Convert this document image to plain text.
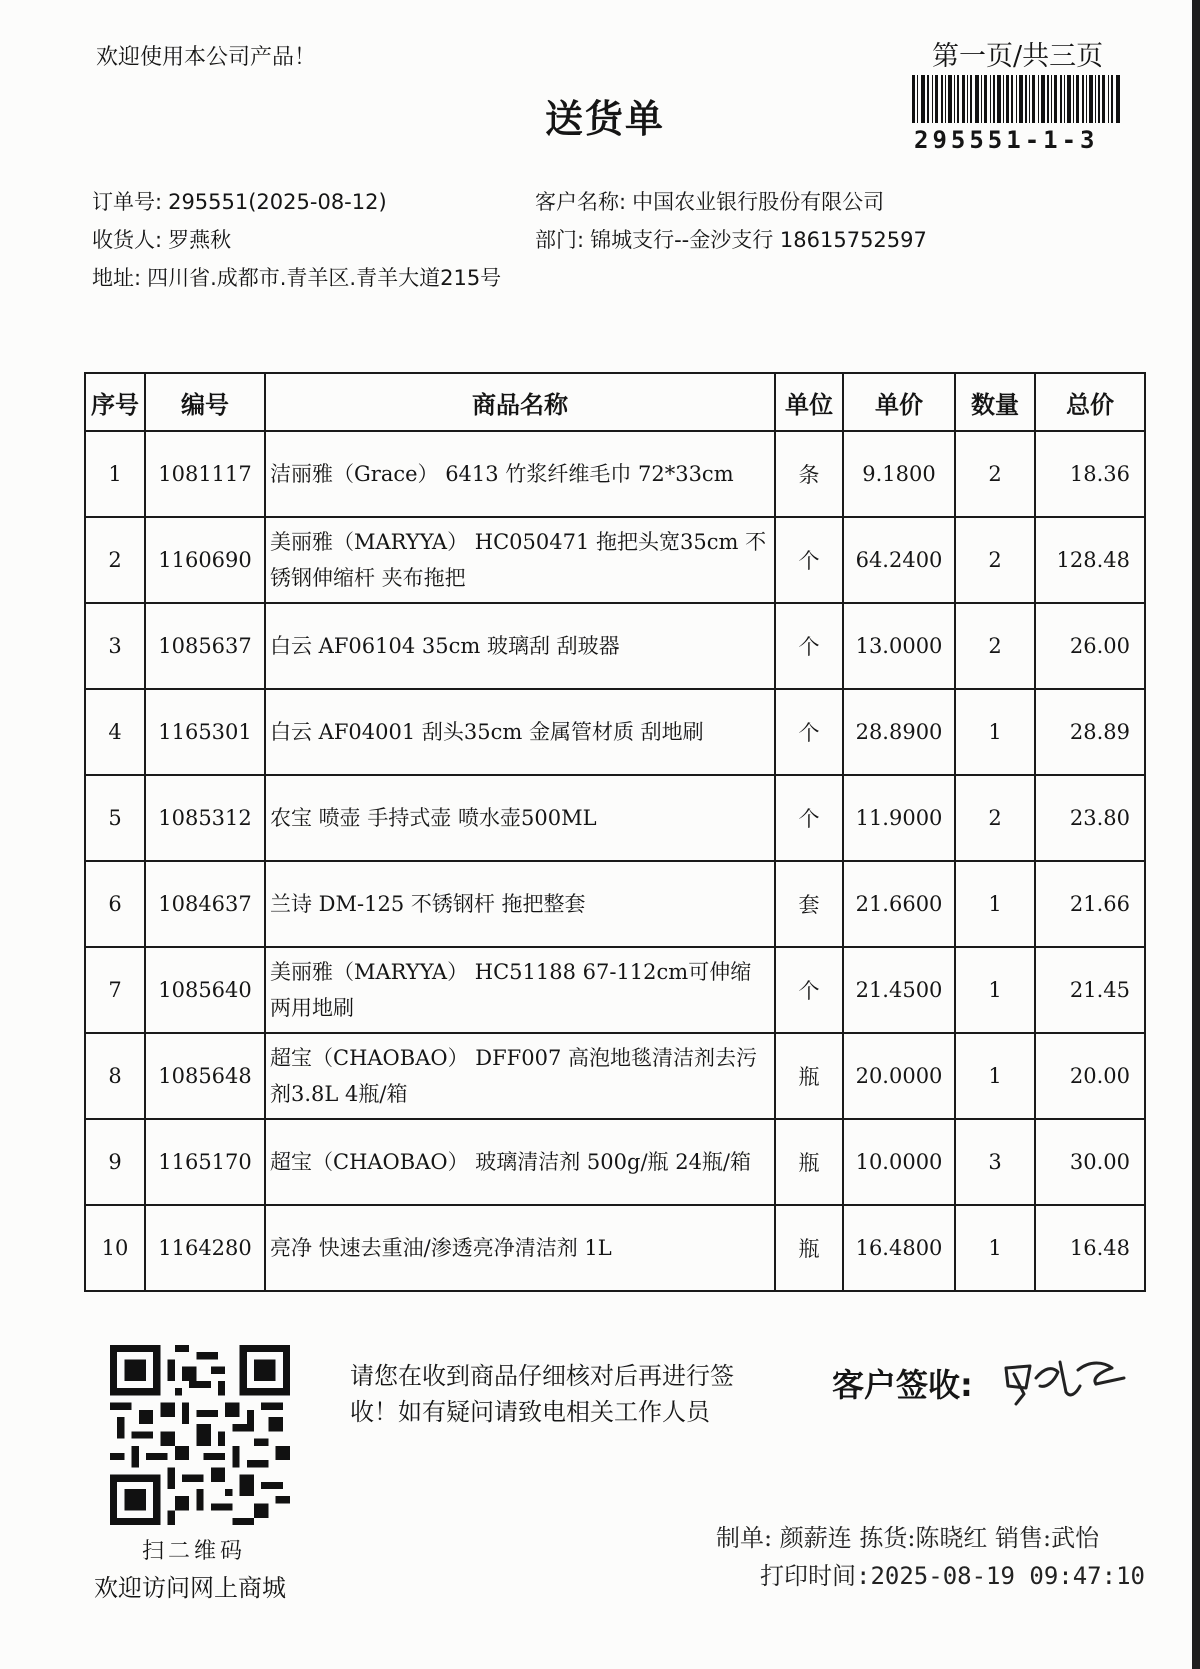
欢迎使用本公司产品！
送货单
第一页/共三页
295551-1-3
订单号: 295551(2025-08-12)	客户名称: 中国农业银行股份有限公司
收货人: 罗燕秋	部门: 锦城支行--金沙支行 18615752597
地址: 四川省.成都市.青羊区.青羊大道215号
序号	编号	商品名称	单位	单价	数量	总价
1	1081117	洁丽雅（Grace） 6413 竹浆纤维毛巾 72*33cm	条	9.1800	2	18.36
2	1160690	美丽雅（MARYYA） HC050471 拖把头宽35cm 不锈钢伸缩杆 夹布拖把	个	64.2400	2	128.48
3	1085637	白云 AF06104 35cm 玻璃刮 刮玻器	个	13.0000	2	26.00
4	1165301	白云 AF04001 刮头35cm 金属管材质 刮地刷	个	28.8900	1	28.89
5	1085312	农宝 喷壶 手持式壶 喷水壶500ML	个	11.9000	2	23.80
6	1084637	兰诗 DM-125 不锈钢杆 拖把整套	套	21.6600	1	21.66
7	1085640	美丽雅（MARYYA） HC51188 67-112cm可伸缩两用地刷	个	21.4500	1	21.45
8	1085648	超宝（CHAOBAO） DFF007 高泡地毯清洁剂去污剂3.8L 4瓶/箱	瓶	20.0000	1	20.00
9	1165170	超宝（CHAOBAO） 玻璃清洁剂 500g/瓶 24瓶/箱	瓶	10.0000	3	30.00
10	1164280	亮净 快速去重油/渗透亮净清洁剂 1L	瓶	16.4800	1	16.48
扫二维码
欢迎访问网上商城
请您在收到商品仔细核对后再进行签收！如有疑问请致电相关工作人员
客户签收:
制单: 颜薪连 拣货:陈晓红 销售:武怡
打印时间:2025-08-19 09:47:10
